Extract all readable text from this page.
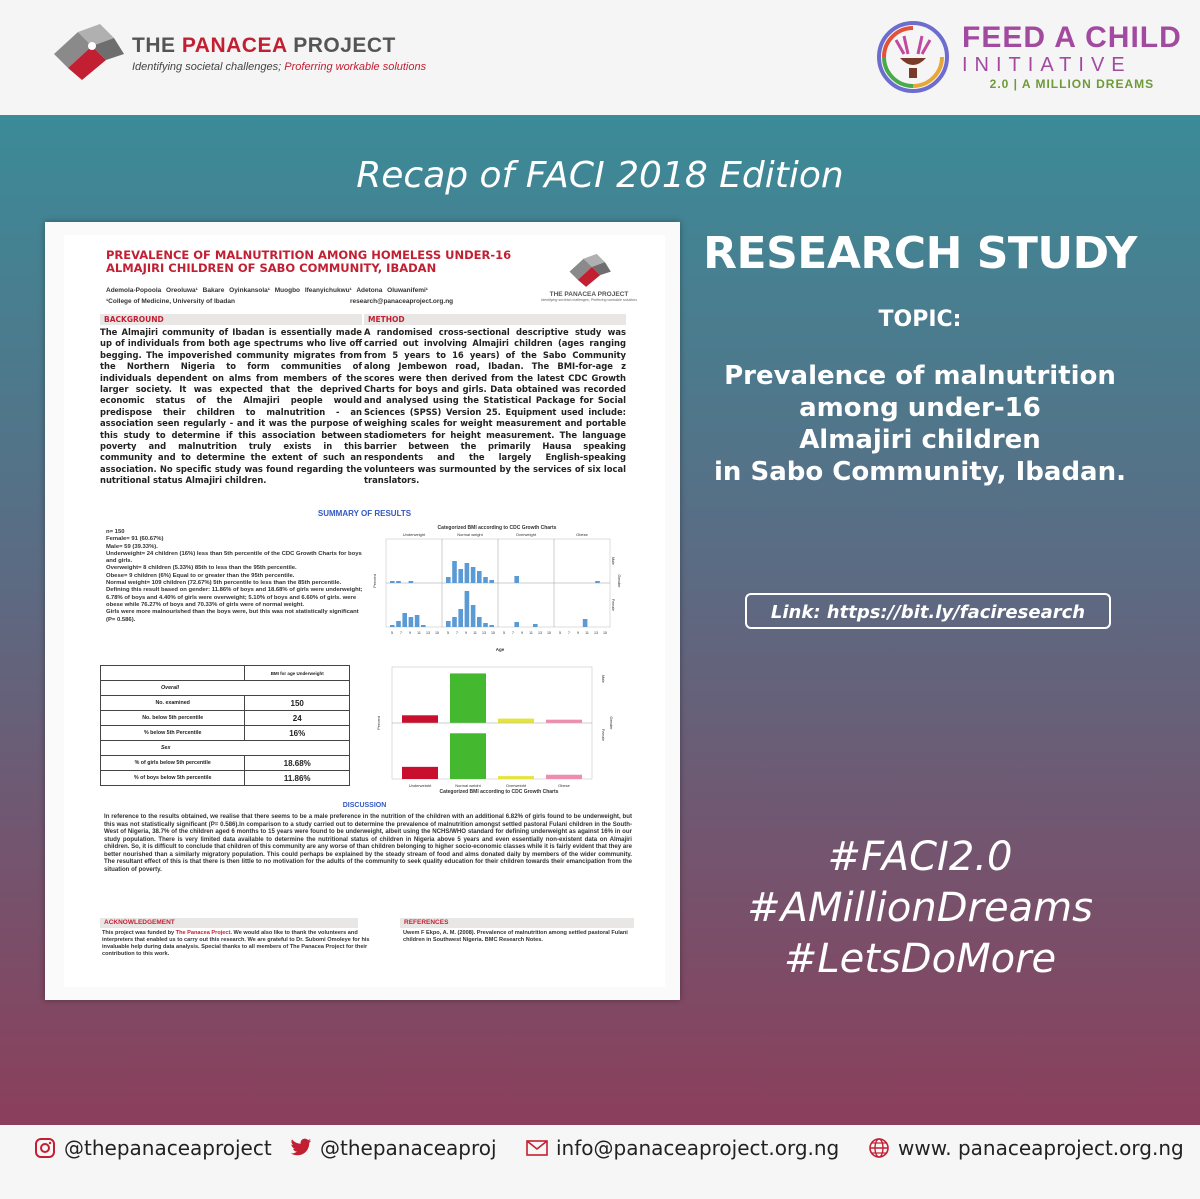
THE PANACEA PROJECT
Identifying societal challenges; Proferring workable solutions
FEED A CHILD
INITIATIVE
2.0 | A MILLION DREAMS
Recap of FACI 2018 Edition
PREVALENCE OF MALNUTRITION AMONG HOMELESS UNDER-16 ALMAJIRI CHILDREN OF SABO COMMUNITY, IBADAN
Ademola-Popoola Oreoluwa¹ Bakare Oyinkansola¹ Muogbo Ifeanyichukwu¹ Adetona Oluwanifemi¹
¹College of Medicine, University of Ibadan	research@panaceaproject.org.ng
THE PANACEA PROJECT
Identifying societal challenges; Proferring workable solutions
BACKGROUND
The Almajiri community of Ibadan is essentially made up of individuals from both age spectrums who live off begging. The impoverished community migrates from the Northern Nigeria to form communities of individuals dependent on alms from members of the larger society. It was expected that the deprived economic status of the Almajiri people would predispose their children to malnutrition - an association seen regularly - and it was the purpose of this study to determine if this association between poverty and malnutrition truly exists in this community and to determine the extent of such an association. No specific study was found regarding the nutritional status Almajiri children.
METHOD
A randomised cross-sectional descriptive study was carried out involving Almajiri children (ages ranging from 5 years to 16 years) of the Sabo Community along Jembewon road, Ibadan. The BMI-for-age z scores were then derived from the latest CDC Growth Charts for boys and girls. Data obtained was recorded and analysed using the Statistical Package for Social Sciences (SPSS) Version 25. Equipment used include: weighing scales for weight measurement and portable stadiometers for height measurement. The language barrier between the primarily Hausa speaking respondents and the largely English-speaking volunteers was surmounted by the services of six local translators.
SUMMARY OF RESULTS
n= 150
Female= 91 (60.67%)
Male= 59 (39.33%).
Underweight= 24 children (16%) less than 5th percentile of the CDC Growth Charts for boys and girls.
Overweight= 8 children (5.33%) 85th to less than the 95th percentile.
Obese= 9 children (6%) Equal to or greater than the 95th percentile.
Normal weight= 109 children (72.67%) 5th percentile to less than the 85th percentile.
Defining this result based on gender: 11.86% of boys and 18.68% of girls were underweight; 6.78% of boys and 4.40% of girls were overweight; 5.10% of boys and 6.60% of girls. were obese while 76.27% of boys and 70.33% of girls were of normal weight.
Girls were more malnourished than the boys were, but this was not statistically significant (P= 0.586).
Categorized BMI according to CDC Growth Charts
Underweight	Normal weight	Overweight	Obese
5	5	5	5
7	7	7	7
9	9	9	9
11	11	11	11
13	13	13	13
15	15	15	15
Age
Percent	Gender
Male
Female
	BMI for age Underweight
Overall	
No. examined	150
No. below 5th percentile	24
% below 5th Percentile	16%
Sex	
% of girls below 5th percentile	18.68%
% of boys below 5th percentile	11.86%
Underweight	Normal weight	Overweight	Obese
Percent	Gender
Male
Female
Categorized BMI according to CDC Growth Charts
DISCUSSION
In reference to the results obtained, we realise that there seems to be a male preference in the nutrition of the children with an additional 6.82% of girls found to be underweight, but this was not statistically significant (P= 0.586).In comparison to a study carried out to determine the prevalence of malnutrition amongst settled pastoral Fulani children in the South-West of Nigeria, 38.7% of the children aged 6 months to 15 years were found to be underweight, albeit using the NCHS/WHO standard for defining underweight as against 16% in our study population. There is very limited data available to determine the nutritional status of children in Nigeria above 5 years and even essentially non-existent data on Almajiri children. So, it is difficult to conclude that children of this community are any worse of than children belonging to higher socio-economic classes while it is fairly evident that they are better nourished than a similarly migratory population. This could perhaps be explained by the steady stream of food and alms donated daily by members of the wider community. The resultant effect of this is that there is then little to no motivation for the adults of the community to seek quality education for their children towards their emancipation from the situation of poverty.
ACKNOWLEDGEMENT
This project was funded by The Panacea Project. We would also like to thank the volunteers and interpreters that enabled us to carry out this research. We are grateful to Dr. Subomi Omoleye for his invaluable help during data analysis. Special thanks to all members of The Panacea Project for their contribution to this work.
REFERENCES
Uwem F Ekpo, A. M. (2008). Prevalence of malnutrition among settled pastoral Fulani children in Southwest Nigeria. BMC Research Notes.
RESEARCH STUDY
TOPIC:
Prevalence of malnutrition
among under-16
Almajiri children
in Sabo Community, Ibadan.
Link: https://bit.ly/faciresearch
#FACI2.0
#AMillionDreams
#LetsDoMore
@thepanaceaproject @thepanaceaproj	info@panaceaproject.org.ng	www. panaceaproject.org.ng
